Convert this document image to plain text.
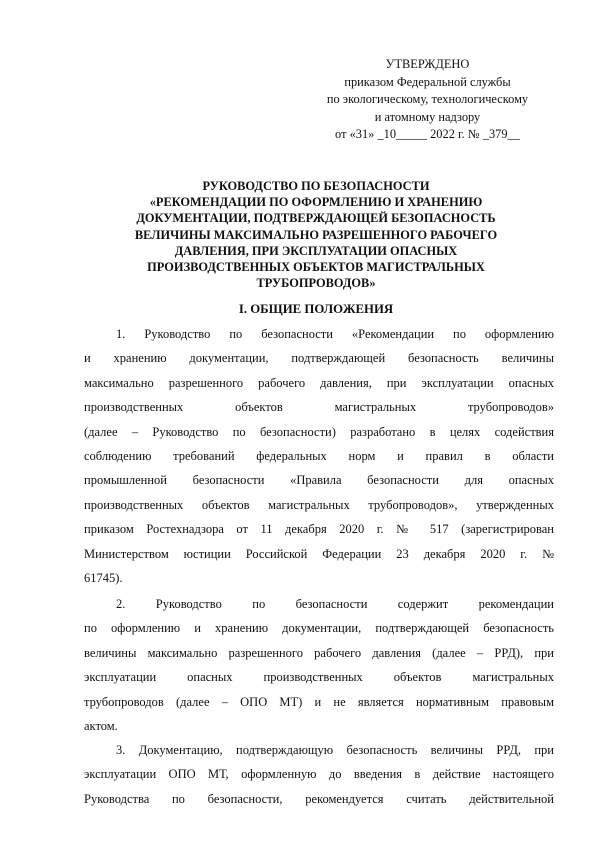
УТВЕРЖДЕНО
приказом Федеральной службы
по экологическому, технологическому
и атомному надзору
от «31» _10_____ 2022 г. № _379__
РУКОВОДСТВО ПО БЕЗОПАСНОСТИ
«РЕКОМЕНДАЦИИ ПО ОФОРМЛЕНИЮ И ХРАНЕНИЮ
ДОКУМЕНТАЦИИ, ПОДТВЕРЖДАЮЩЕЙ БЕЗОПАСНОСТЬ
ВЕЛИЧИНЫ МАКСИМАЛЬНО РАЗРЕШЕННОГО РАБОЧЕГО
ДАВЛЕНИЯ, ПРИ ЭКСПЛУАТАЦИИ ОПАСНЫХ
ПРОИЗВОДСТВЕННЫХ ОБЪЕКТОВ МАГИСТРАЛЬНЫХ
ТРУБОПРОВОДОВ»
I. ОБЩИЕ ПОЛОЖЕНИЯ
1. Руководство по безопасности «Рекомендации по оформлению
и хранению документации, подтверждающей безопасность величины
максимально разрешенного рабочего давления, при эксплуатации опасных
производственных объектов магистральных трубопроводов»
(далее – Руководство по безопасности) разработано в целях содействия
соблюдению требований федеральных норм и правил в области
промышленной безопасности «Правила безопасности для опасных
производственных объектов магистральных трубопроводов», утвержденных
приказом Ростехнадзора от 11 декабря 2020 г. № 517 (зарегистрирован
Министерством юстиции Российской Федерации 23 декабря 2020 г. №
61745).
2. Руководство по безопасности содержит рекомендации
по оформлению и хранению документации, подтверждающей безопасность
величины максимально разрешенного рабочего давления (далее – РРД), при
эксплуатации опасных производственных объектов магистральных
трубопроводов (далее – ОПО МТ) и не является нормативным правовым
актом.
3. Документацию, подтверждающую безопасность величины РРД, при
эксплуатации ОПО МТ, оформленную до введения в действие настоящего
Руководства по безопасности, рекомендуется считать действительной
